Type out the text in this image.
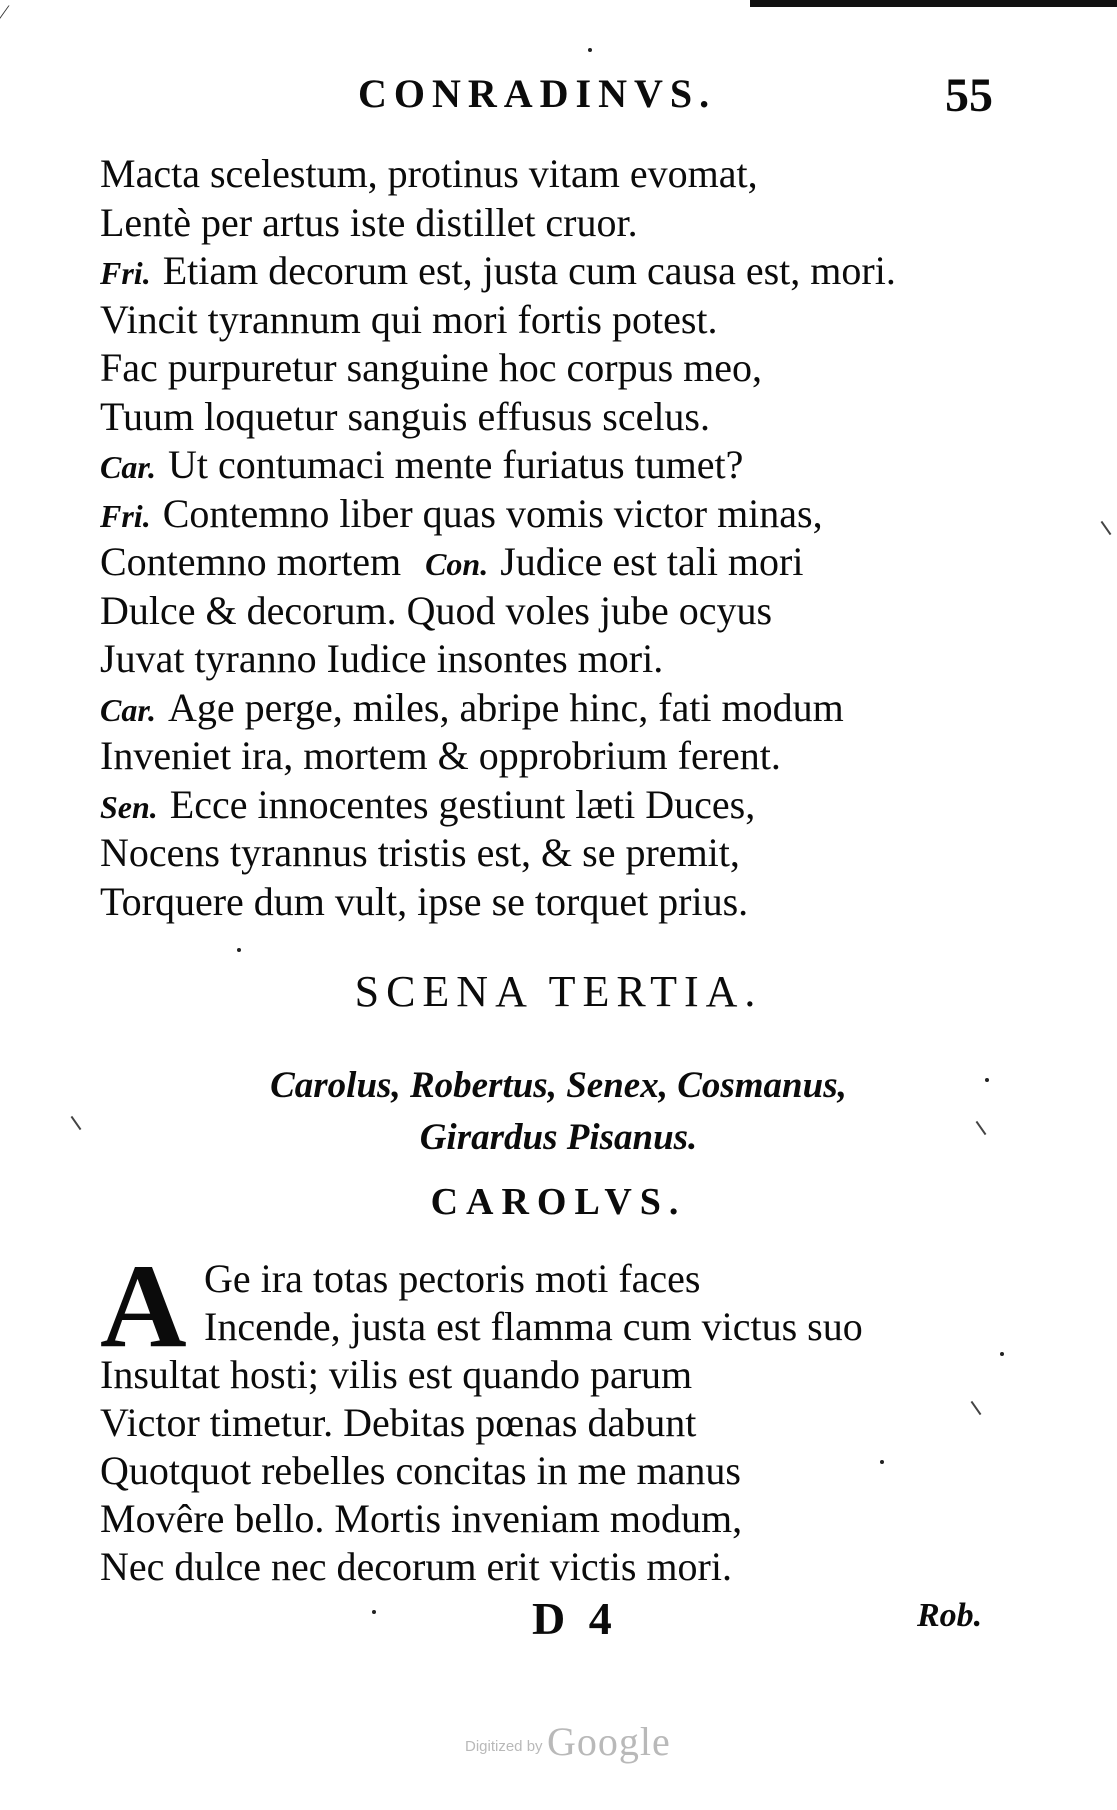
⁄
CONRADINVS.	55
Macta scelestum, protinus vitam evomat,
Lentè per artus iste distillet cruor.
Fri. Etiam decorum est, justa cum causa est, mori.
Vincit tyrannum qui mori fortis potest.
Fac purpuretur sanguine hoc corpus meo,
Tuum loquetur sanguis effusus scelus.
Car. Ut contumaci mente furiatus tumet?
Fri. Contemno liber quas vomis victor minas,
Contemno mortem Con. Judice est tali mori
Dulce & decorum. Quod voles jube ocyus
Juvat tyranno Iudice insontes mori.
Car. Age perge, miles, abripe hinc, fati modum
Inveniet ira, mortem & opprobrium ferent.
Sen. Ecce innocentes gestiunt læti Duces,
Nocens tyrannus tristis est, & se premit,
Torquere dum vult, ipse se torquet prius.
SCENA TERTIA.
Carolus, Robertus, Senex, Cosmanus,
Girardus Pisanus.
CAROLVS.
A Ge ira totas pectoris moti faces
Incende, justa est flamma cum victus suo
Insultat hosti; vilis est quando parum
Victor timetur. Debitas pœnas dabunt
Quotquot rebelles concitas in me manus
Movêre bello. Mortis inveniam modum,
Nec dulce nec decorum erit victis mori.
D 4	Rob.
Digitized by Google
